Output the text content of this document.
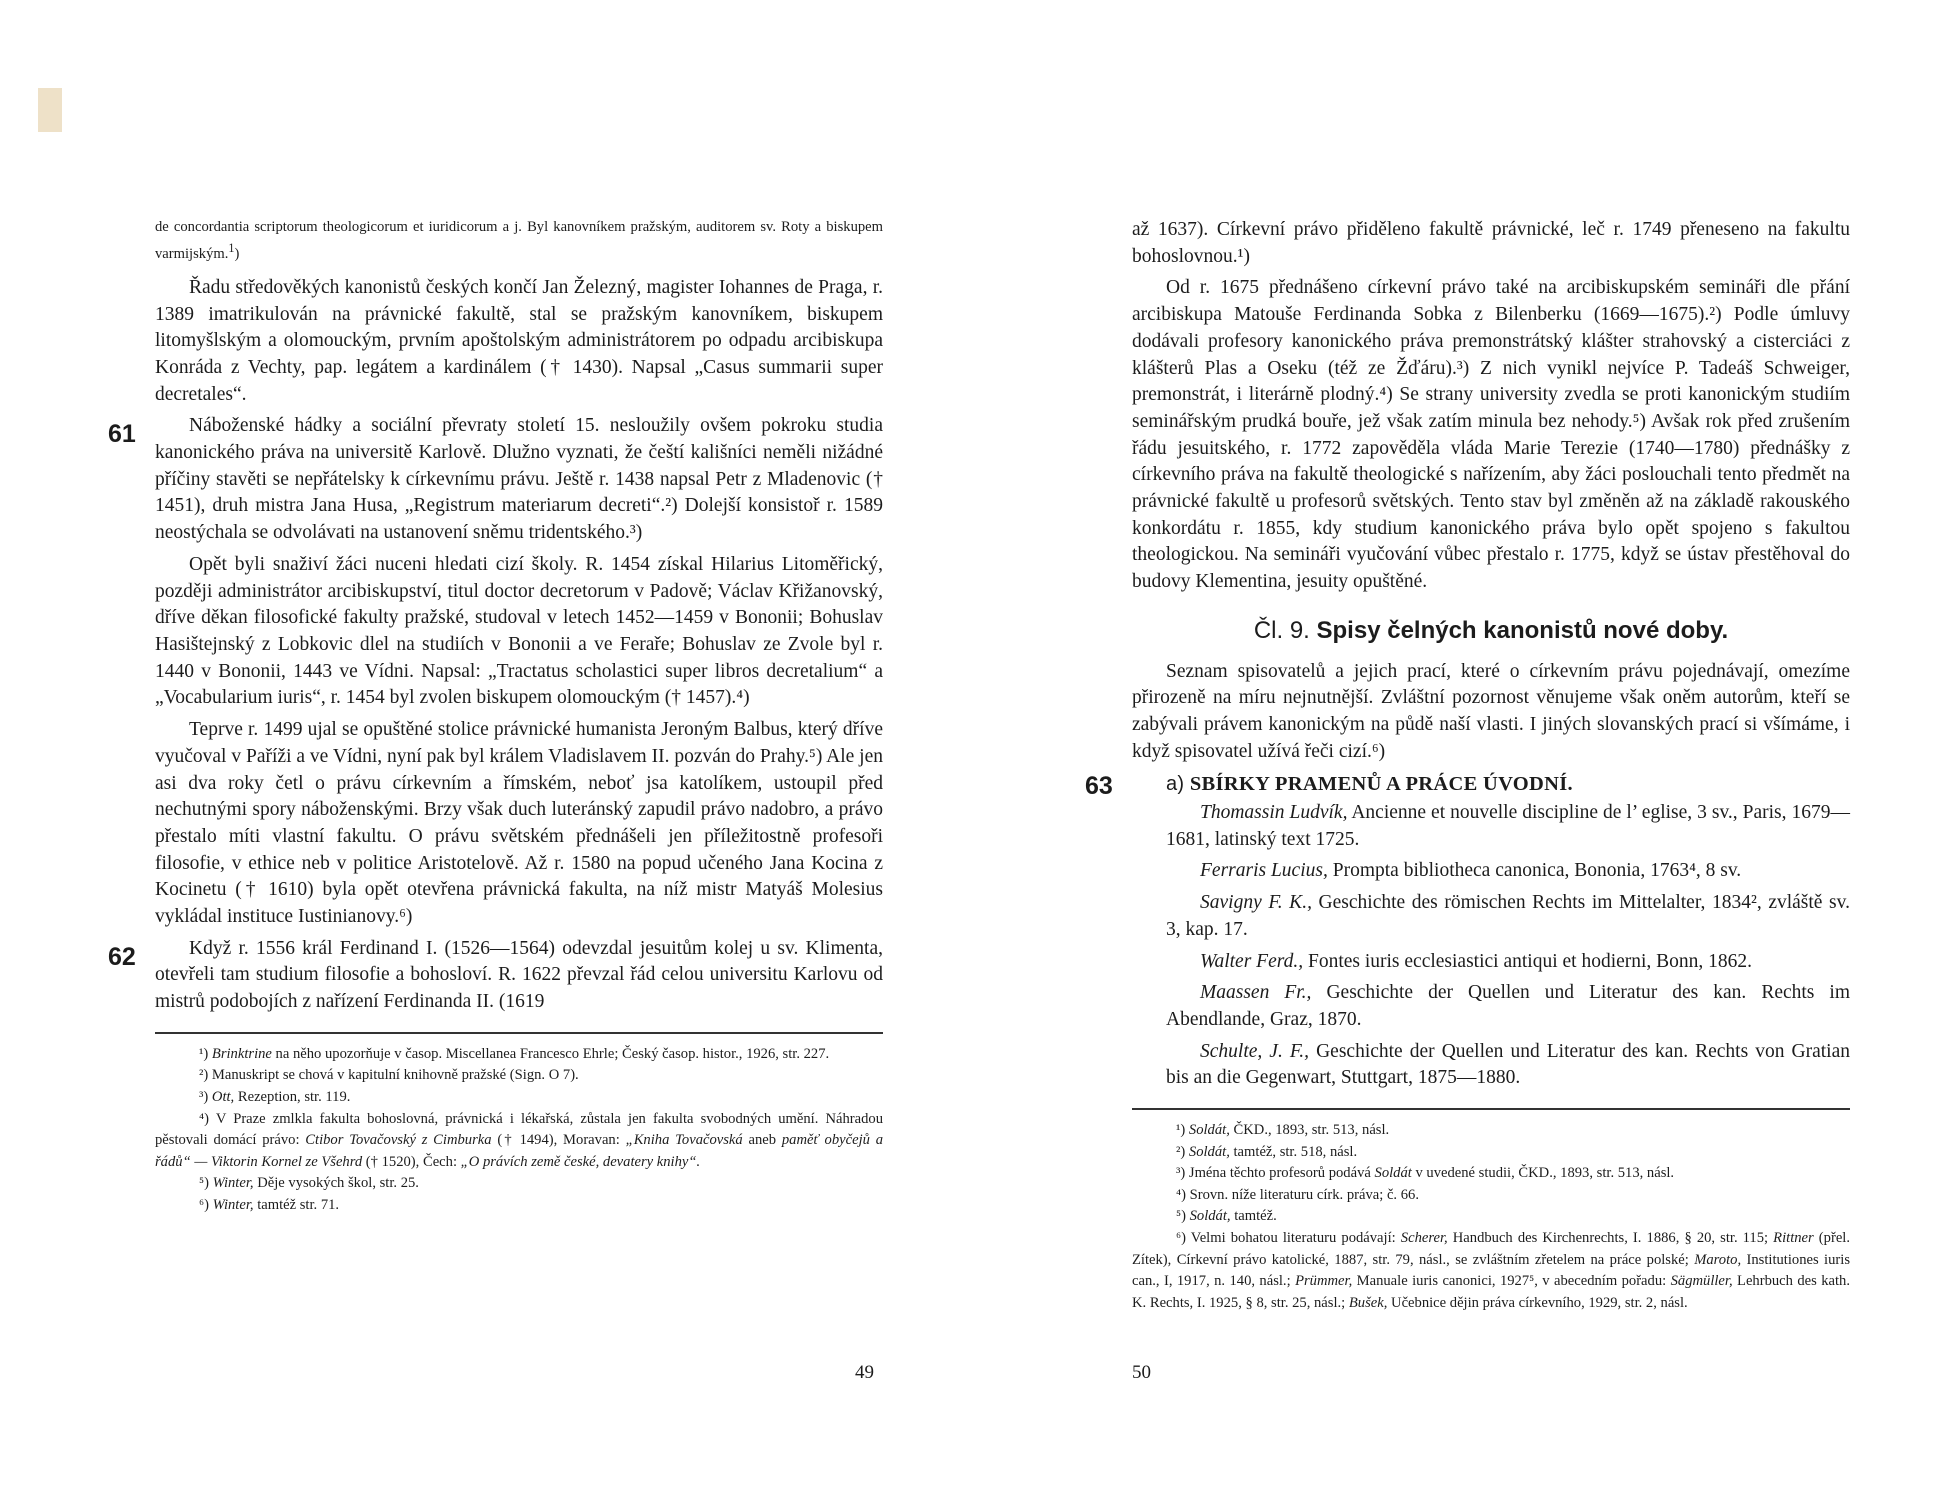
de concordantia scriptorum theologicorum et iuridicorum a j. Byl kanovníkem pražským, auditorem sv. Roty a biskupem varmijským.$^1$)

Řadu středověkých kanonistů českých končí Jan Železný, magister Iohannes de Praga, r. 1389 imatrikulován na právnické fakultě, stal se pražským kanovníkem, biskupem litomyšlským a olomouckým, prvním apoštolským administrátorem po odpadu arcibiskupa Konráda z Vechty, pap. legátem a kardinálem († 1430). Napsal „Casus summarii super decretales“.

61	Náboženské hádky a sociální převraty století 15. nesloužily ovšem pokroku studia kanonického práva na universitě Karlově. Dlužno vyznati, že čeští kališníci neměli nižádné příčiny stavěti se nepřátelsky k církevnímu právu. Ještě r. 1438 napsal Petr z Mladenovic († 1451), druh mistra Jana Husa, „Registrum materiarum decreti“.²) Dolejší konsistoř r. 1589 neostýchala se odvolávati na ustanovení sněmu tridentského.³)

Opět byli snaživí žáci nuceni hledati cizí školy. R. 1454 získal Hilarius Litoměřický, později administrátor arcibiskupství, titul doctor decretorum v Padově; Václav Křižanovský, dříve děkan filosofické fakulty pražské, studoval v letech 1452—1459 v Bononii; Bohuslav Hasištejnský z Lobkovic dlel na studiích v Bononii a ve Feraře; Bohuslav ze Zvole byl r. 1440 v Bononii, 1443 ve Vídni. Napsal: „Tractatus scholastici super libros decretalium“ a „Vocabularium iuris“, r. 1454 byl zvolen biskupem olomouckým († 1457).⁴)

Teprve r. 1499 ujal se opuštěné stolice právnické humanista Jeroným Balbus, který dříve vyučoval v Paříži a ve Vídni, nyní pak byl králem Vladislavem II. pozván do Prahy.⁵) Ale jen asi dva roky četl o právu církevním a římském, neboť jsa katolíkem, ustoupil před nechutnými spory náboženskými. Brzy však duch luteránský zapudil právo nadobro, a právo přestalo míti vlastní fakultu. O právu světském přednášeli jen příležitostně profesoři filosofie, v ethice neb v politice Aristotelově. Až r. 1580 na popud učeného Jana Kocina z Kocinetu († 1610) byla opět otevřena právnická fakulta, na níž mistr Matyáš Molesius vykládal instituce Iustinianovy.⁶)

62	Když r. 1556 král Ferdinand I. (1526—1564) odevzdal jesuitům kolej u sv. Klimenta, otevřeli tam studium filosofie a bohosloví. R. 1622 převzal řád celou universitu Karlovu od mistrů podobojích z nařízení Ferdinanda II. (1619

¹) Brinktrine na něho upozorňuje v časop. Miscellanea Francesco Ehrle; Český časop. histor., 1926, str. 227.

²) Manuskript se chová v kapitulní knihovně pražské (Sign. O 7).

³) Ott, Rezeption, str. 119.

⁴) V Praze zmlkla fakulta bohoslovná, právnická i lékařská, zůstala jen fakulta svobodných umění. Náhradou pěstovali domácí právo: Ctibor Tovačovský z Cimburka († 1494), Moravan: „Kniha Tovačovská aneb paměť obyčejů a řádů“ — Viktorin Kornel ze Všehrd († 1520), Čech: „O právích země české, devatery knihy“.

⁵) Winter, Děje vysokých škol, str. 25.

⁶) Winter, tamtéž str. 71.

49

až 1637). Církevní právo přiděleno fakultě právnické, leč r. 1749 přeneseno na fakultu bohoslovnou.¹)

Od r. 1675 přednášeno církevní právo také na arcibiskupském semináři dle přání arcibiskupa Matouše Ferdinanda Sobka z Bilenberku (1669—1675).²) Podle úmluvy dodávali profesory kanonického práva premonstrátský klášter strahovský a cisterciáci z klášterů Plas a Oseku (též ze Žďáru).³) Z nich vynikl nejvíce P. Tadeáš Schweiger, premonstrát, i literárně plodný.⁴) Se strany university zvedla se proti kanonickým studiím seminářským prudká bouře, jež však zatím minula bez nehody.⁵) Avšak rok před zrušením řádu jesuitského, r. 1772 zapověděla vláda Marie Terezie (1740—1780) přednášky z církevního práva na fakultě theologické s nařízením, aby žáci poslouchali tento předmět na právnické fakultě u profesorů světských. Tento stav byl změněn až na základě rakouského konkordátu r. 1855, kdy studium kanonického práva bylo opět spojeno s fakultou theologickou. Na semináři vyučování vůbec přestalo r. 1775, když se ústav přestěhoval do budovy Klementina, jesuity opuštěné.

Čl. 9. Spisy čelných kanonistů nové doby.

Seznam spisovatelů a jejich prací, které o církevním právu pojednávají, omezíme přirozeně na míru nejnutnější. Zvláštní pozornost věnujeme však oněm autorům, kteří se zabývali právem kanonickým na půdě naší vlasti. I jiných slovanských prací si všímáme, i když spisovatel užívá řeči cizí.⁶)

63	a) SBÍRKY PRAMENŮ A PRÁCE ÚVODNÍ.

Thomassin Ludvík, Ancienne et nouvelle discipline de l’ eglise, 3 sv., Paris, 1679—1681, latinský text 1725.

Ferraris Lucius, Prompta bibliotheca canonica, Bononia, 1763⁴, 8 sv.

Savigny F. K., Geschichte des römischen Rechts im Mittelalter, 1834², zvláště sv. 3, kap. 17.

Walter Ferd., Fontes iuris ecclesiastici antiqui et hodierni, Bonn, 1862.

Maassen Fr., Geschichte der Quellen und Literatur des kan. Rechts im Abendlande, Graz, 1870.

Schulte, J. F., Geschichte der Quellen und Literatur des kan. Rechts von Gratian bis an die Gegenwart, Stuttgart, 1875—1880.

¹) Soldát, ČKD., 1893, str. 513, násl.

²) Soldát, tamtéž, str. 518, násl.

³) Jména těchto profesorů podává Soldát v uvedené studii, ČKD., 1893, str. 513, násl.

⁴) Srovn. níže literaturu círk. práva; č. 66.

⁵) Soldát, tamtéž.

⁶) Velmi bohatou literaturu podávají: Scherer, Handbuch des Kirchenrechts, I. 1886, § 20, str. 115; Rittner (přel. Zítek), Církevní právo katolické, 1887, str. 79, násl., se zvláštním zřetelem na práce polské; Maroto, Institutiones iuris can., I, 1917, n. 140, násl.; Prümmer, Manuale iuris canonici, 1927⁵, v abecedním pořadu: Sägmüller, Lehrbuch des kath. K. Rechts, I. 1925, § 8, str. 25, násl.; Bušek, Učebnice dějin práva církevního, 1929, str. 2, násl.

50
